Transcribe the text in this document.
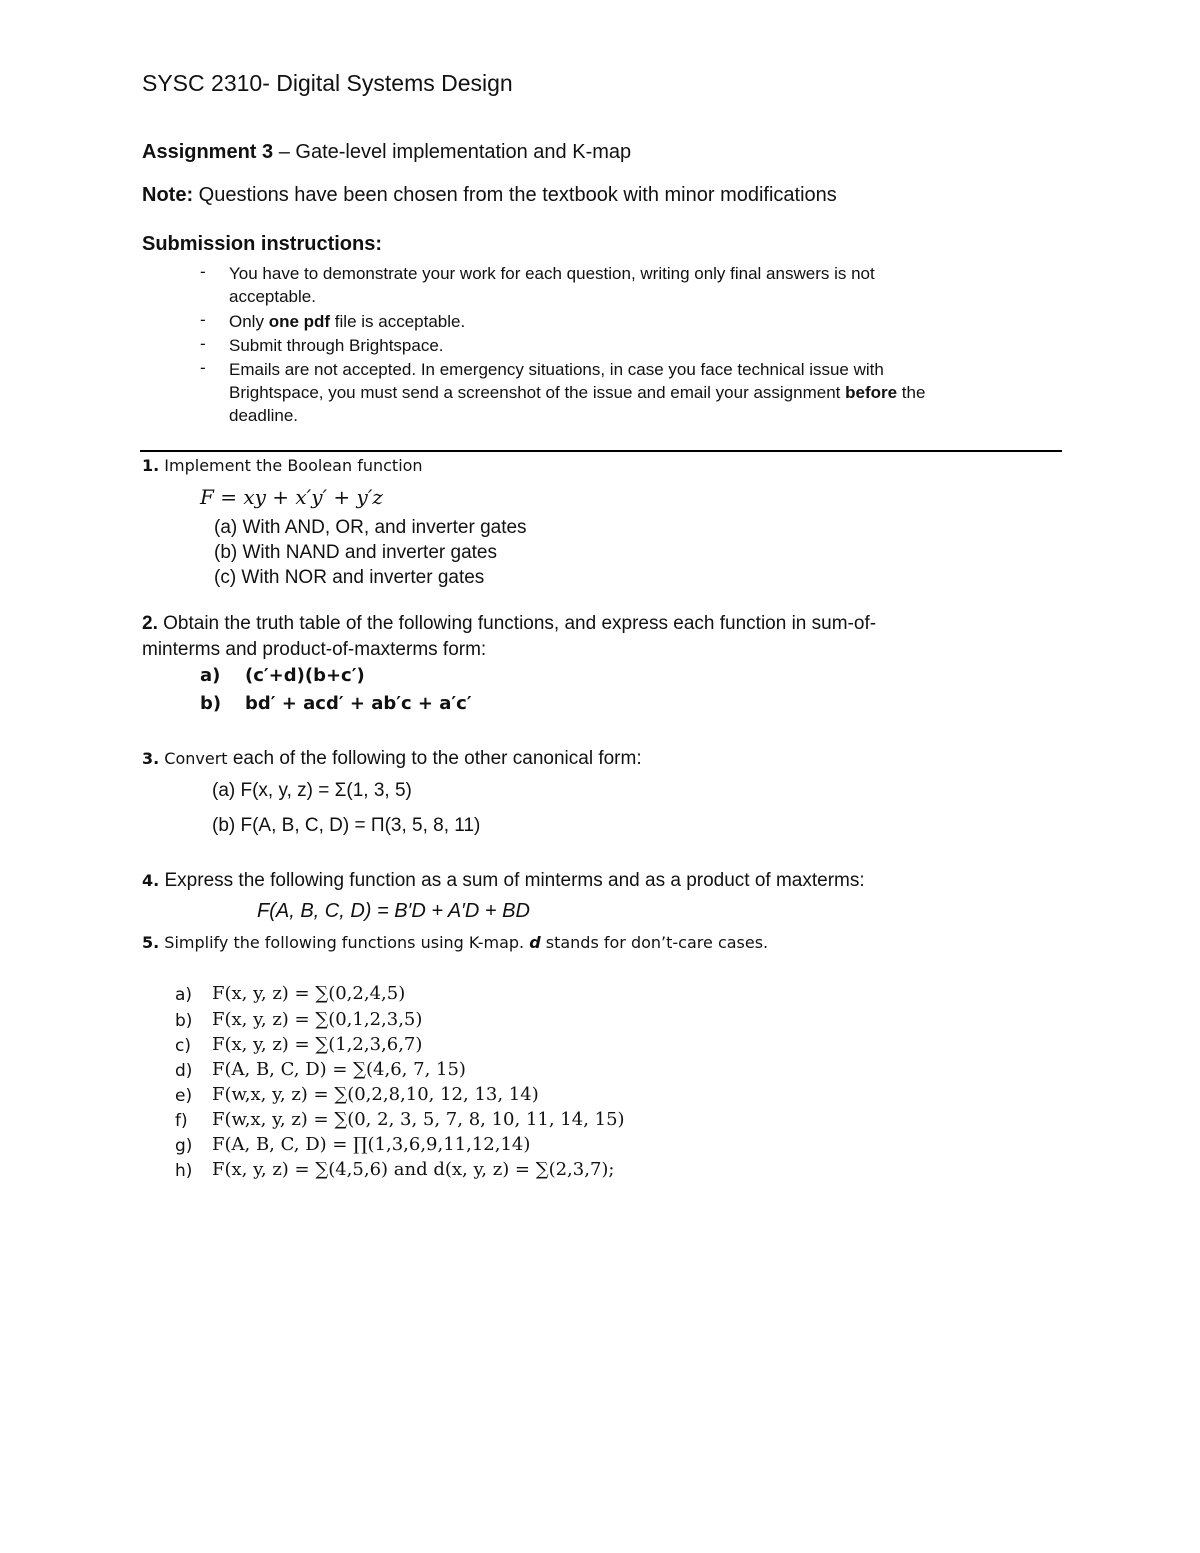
SYSC 2310- Digital Systems Design
Assignment 3 – Gate-level implementation and K-map
Note: Questions have been chosen from the textbook with minor modifications
Submission instructions:
- You have to demonstrate your work for each question, writing only final answers is not
acceptable.
- Only one pdf file is acceptable.
- Submit through Brightspace.
- Emails are not accepted. In emergency situations, in case you face technical issue with
Brightspace, you must send a screenshot of the issue and email your assignment before the
deadline.
1. Implement the Boolean function
F = xy + x′y′ + y′z
(a) With AND, OR, and inverter gates
(b) With NAND and inverter gates
(c) With NOR and inverter gates
2. Obtain the truth table of the following functions, and express each function in sum-of-
minterms and product-of-maxterms form:
a) (c′+d)(b+c′)
b) bd′ + acd′ + ab′c + a′c′
3. Convert each of the following to the other canonical form:
(a) F(x, y, z) = Σ(1, 3, 5)
(b) F(A, B, C, D) = Π(3, 5, 8, 11)
4. Express the following function as a sum of minterms and as a product of maxterms:
F(A, B, C, D) = B′D + A′D + BD
5. Simplify the following functions using K-map. d stands for don’t-care cases.
a) F(x, y, z) = ∑(0,2,4,5)
b) F(x, y, z) = ∑(0,1,2,3,5)
c) F(x, y, z) = ∑(1,2,3,6,7)
d) F(A, B, C, D) = ∑(4,6, 7, 15)
e) F(w,x, y, z) = ∑(0,2,8,10, 12, 13, 14)
f) F(w,x, y, z) = ∑(0, 2, 3, 5, 7, 8, 10, 11, 14, 15)
g) F(A, B, C, D) = ∏(1,3,6,9,11,12,14)
h) F(x, y, z) = ∑(4,5,6) and d(x, y, z) = ∑(2,3,7);
